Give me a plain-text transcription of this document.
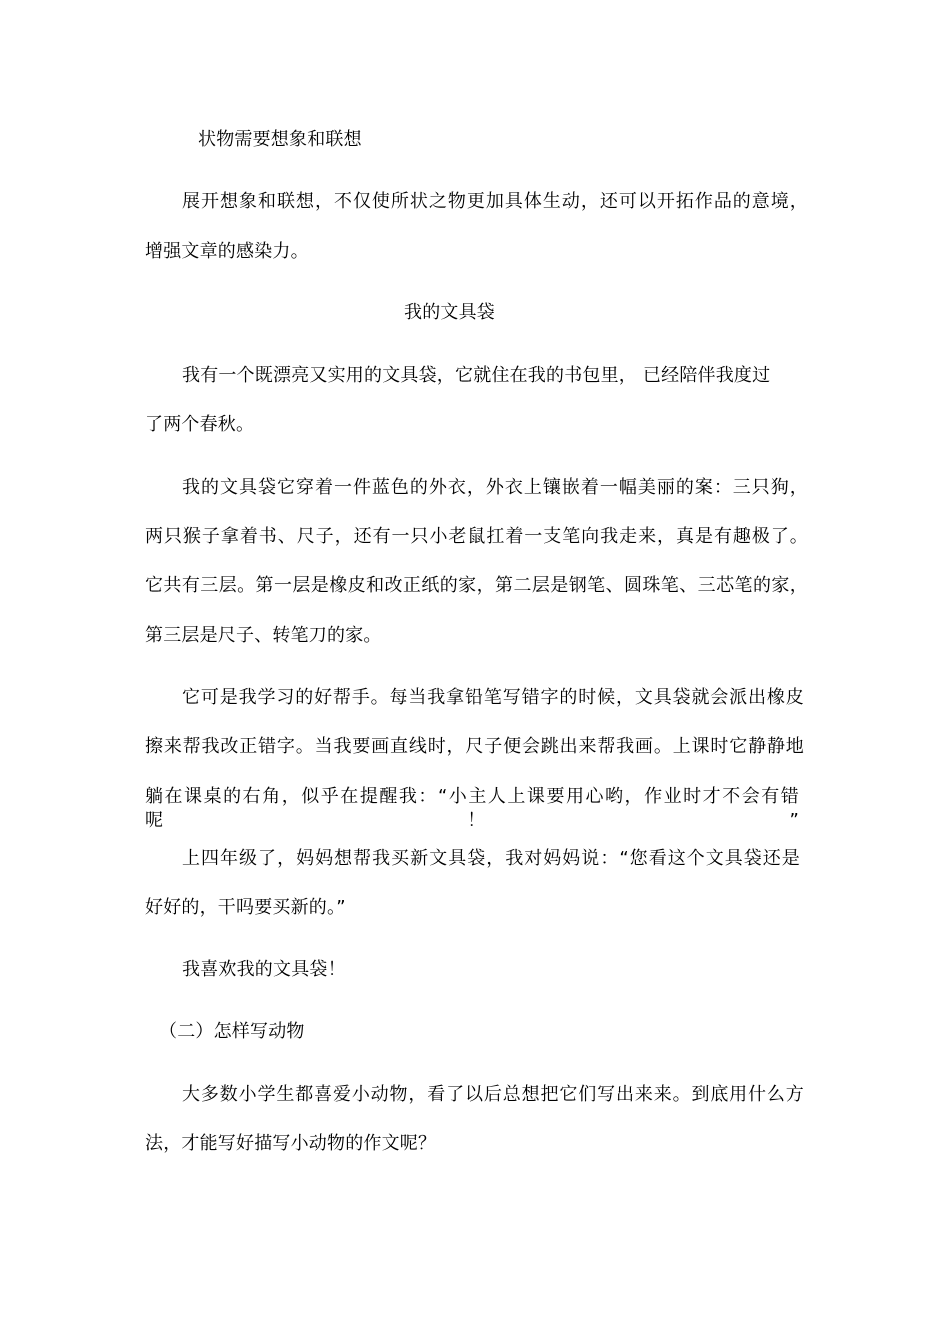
状物需要想象和联想

展开想象和联想，不仅使所状之物更加具体生动，还可以开拓作品的意境，

增强文章的感染力。

我的文具袋

我有一个既漂亮又实用的文具袋，它就住在我的书包里， 已经陪伴我度过

了两个春秋。

我的文具袋它穿着一件蓝色的外衣，外衣上镶嵌着一幅美丽的案：三只狗，

两只猴子拿着书、尺子，还有一只小老鼠扛着一支笔向我走来，真是有趣极了。

它共有三层。第一层是橡皮和改正纸的家，第二层是钢笔、圆珠笔、三芯笔的家，

第三层是尺子、转笔刀的家。

它可是我学习的好帮手。每当我拿铅笔写错字的时候，文具袋就会派出橡皮

擦来帮我改正错字。当我要画直线时，尺子便会跳出来帮我画。上课时它静静地

躺在课桌的右角，似乎在提醒我：“小主人上课要用心哟，作业时才不会有错呢！”

上四年级了，妈妈想帮我买新文具袋，我对妈妈说：“您看这个文具袋还是

好好的，干吗要买新的。”

我喜欢我的文具袋！

（二）怎样写动物

大多数小学生都喜爱小动物，看了以后总想把它们写出来来。到底用什么方

法，才能写好描写小动物的作文呢？
